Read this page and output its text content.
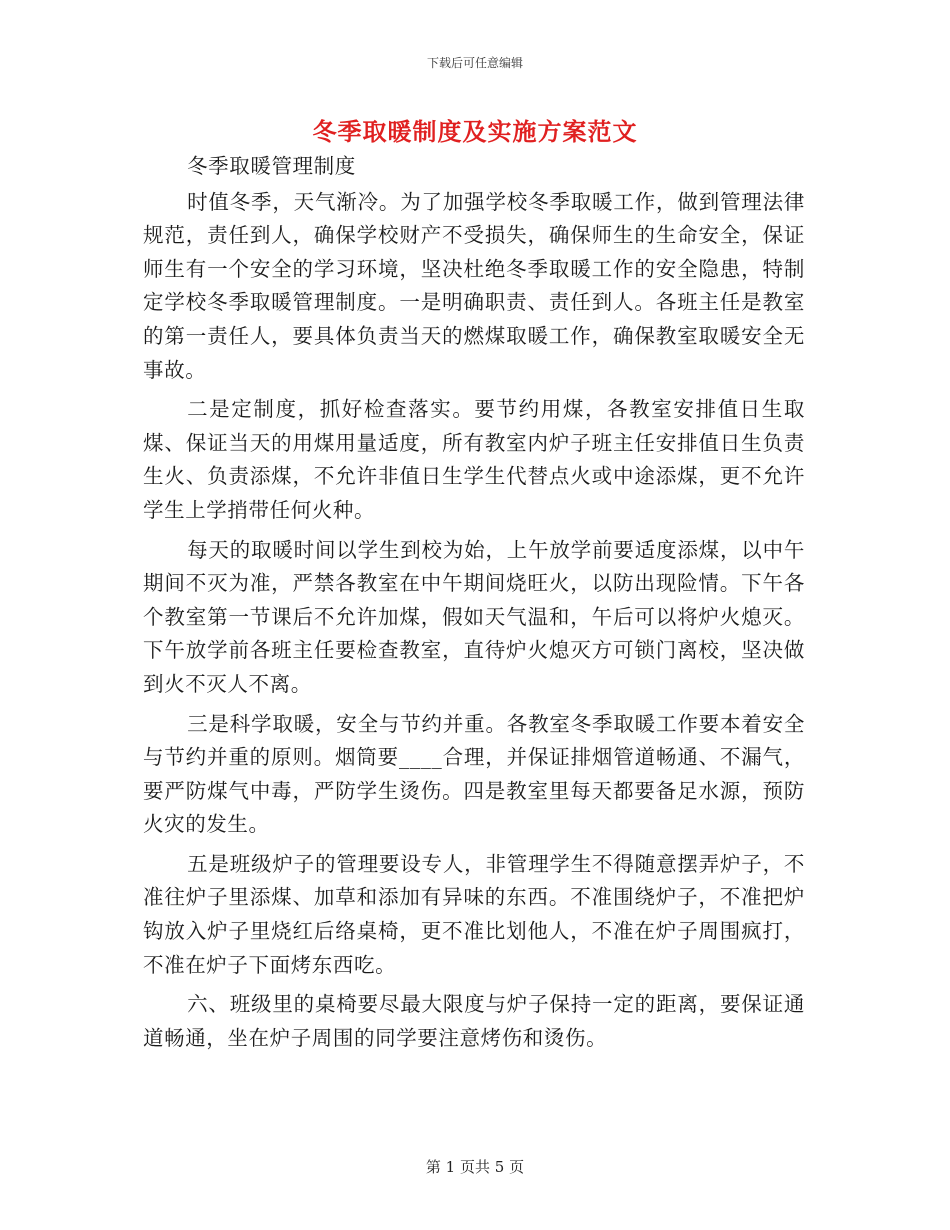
下载后可任意编辑
冬季取暖制度及实施方案范文

冬季取暖管理制度

时值冬季，天气渐冷。为了加强学校冬季取暖工作，做到管理法律规范，责任到人，确保学校财产不受损失，确保师生的生命安全，保证师生有一个安全的学习环境，坚决杜绝冬季取暖工作的安全隐患，特制定学校冬季取暖管理制度。一是明确职责、责任到人。各班主任是教室的第一责任人，要具体负责当天的燃煤取暖工作，确保教室取暖安全无事故。

二是定制度，抓好检查落实。要节约用煤，各教室安排值日生取煤、保证当天的用煤用量适度，所有教室内炉子班主任安排值日生负责生火、负责添煤，不允许非值日生学生代替点火或中途添煤，更不允许学生上学捎带任何火种。

每天的取暖时间以学生到校为始，上午放学前要适度添煤，以中午期间不灭为准，严禁各教室在中午期间烧旺火，以防出现险情。下午各个教室第一节课后不允许加煤，假如天气温和，午后可以将炉火熄灭。下午放学前各班主任要检查教室，直待炉火熄灭方可锁门离校，坚决做到火不灭人不离。

三是科学取暖，安全与节约并重。各教室冬季取暖工作要本着安全与节约并重的原则。烟筒要____合理，并保证排烟管道畅通、不漏气，要严防煤气中毒，严防学生烫伤。四是教室里每天都要备足水源，预防火灾的发生。

五是班级炉子的管理要设专人，非管理学生不得随意摆弄炉子，不准往炉子里添煤、加草和添加有异味的东西。不准围绕炉子，不准把炉钩放入炉子里烧红后络桌椅，更不准比划他人，不准在炉子周围疯打，不准在炉子下面烤东西吃。

六、班级里的桌椅要尽最大限度与炉子保持一定的距离，要保证通道畅通，坐在炉子周围的同学要注意烤伤和烫伤。

第 1 页共 5 页
